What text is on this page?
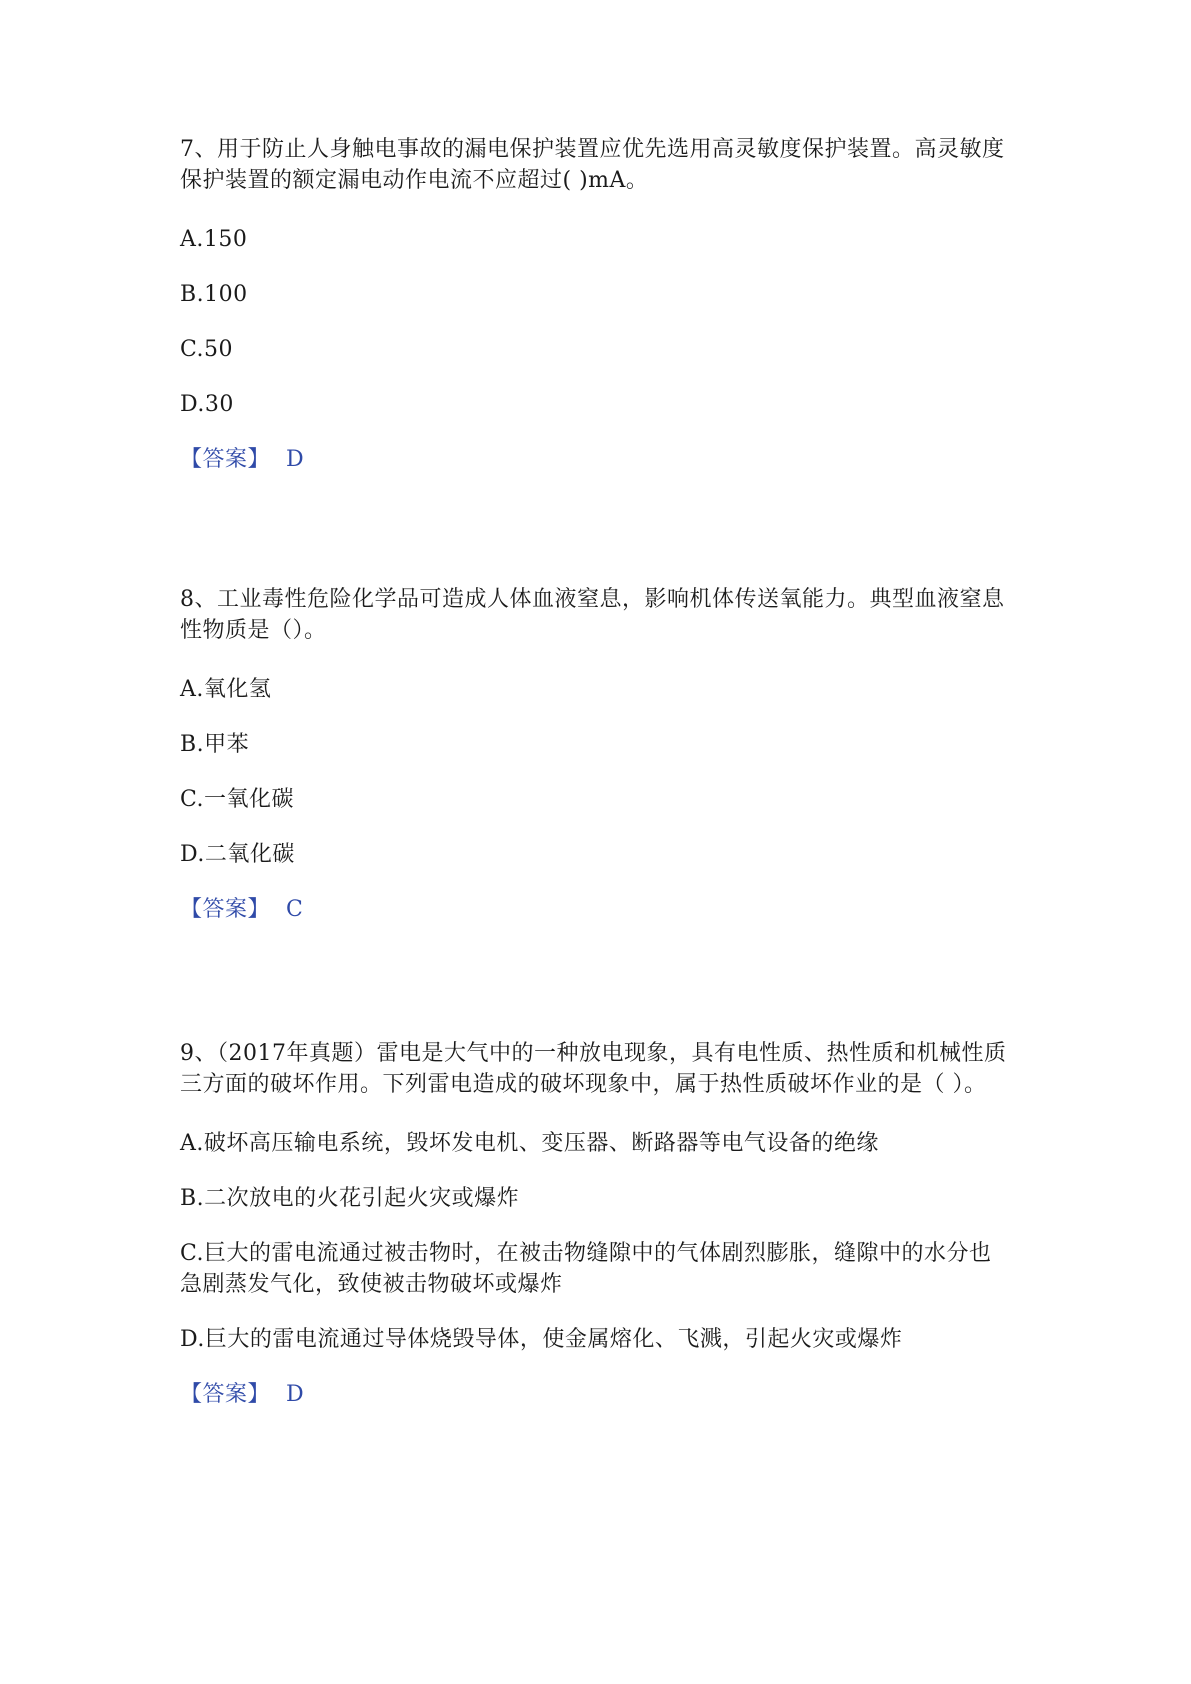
7、用于防止人身触电事故的漏电保护装置应优先选用高灵敏度保护装置。高灵敏度保护装置的额定漏电动作电流不应超过( )mA。

A.150

B.100

C.50

D.30

【答案】 D

8、工业毒性危险化学品可造成人体血液窒息，影响机体传送氧能力。典型血液窒息性物质是（）。

A.氧化氢

B.甲苯

C.一氧化碳

D.二氧化碳

【答案】 C

9、（2017年真题）雷电是大气中的一种放电现象，具有电性质、热性质和机械性质三方面的破坏作用。下列雷电造成的破坏现象中，属于热性质破坏作业的是（ ）。

A.破坏高压输电系统，毁坏发电机、变压器、断路器等电气设备的绝缘

B.二次放电的火花引起火灾或爆炸

C.巨大的雷电流通过被击物时，在被击物缝隙中的气体剧烈膨胀，缝隙中的水分也急剧蒸发气化，致使被击物破坏或爆炸

D.巨大的雷电流通过导体烧毁导体，使金属熔化、飞溅，引起火灾或爆炸

【答案】 D
